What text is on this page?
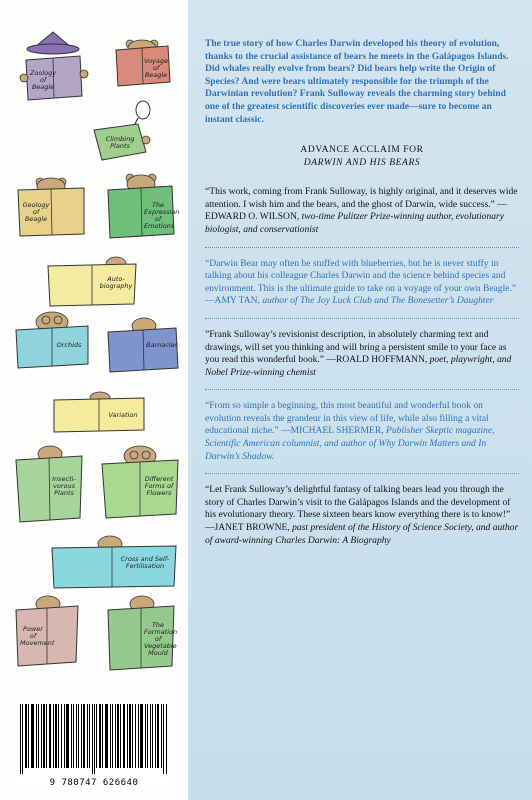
Zoology of Beagle
Voyage of Beagle
Climbing Plants
Geology of Beagle
The Expression of Emotions
Auto-biography
Orchids	Barnacles
Variation
Insecti-vorous Plants
Different Forms of Flowers
Cross and Self-Fertilisation
Power of Movement
The Formation of Vegetable Mould
9 780747 626640

The true story of how Charles Darwin developed his theory of evolution, thanks to the crucial assistance of bears he meets in the Galápagos Islands. Did whales really evolve from bears? Did bears help write the Origin of Species? And were bears ultimately responsible for the triumph of the Darwinian revolution? Frank Sulloway reveals the charming story behind one of the greatest scientific discoveries ever made—sure to become an instant classic.

ADVANCE ACCLAIM FOR
DARWIN AND HIS BEARS
“This work, coming from Frank Sulloway, is highly original, and it deserves wide attention. I wish him and the bears, and the ghost of Darwin, wide success.” —EDWARD O. WILSON, two-time Pulitzer Prize-winning author, evolutionary biologist, and conservationist
“Darwin Bear may often be stuffed with blueberries, but he is never stuffy in talking about his colleague Charles Darwin and the science behind species and environment. This is the ultimate guide to take on a voyage of your own Beagle.” —AMY TAN, author of The Joy Luck Club and The Bonesetter’s Daughter
”Frank Sulloway’s revisionist description, in absolutely charming text and drawings, will set you thinking and will bring a persistent smile to your face as you read this wonderful book.” —ROALD HOFFMANN, poet, playwright, and Nobel Prize-winning chemist
“From so simple a beginning, this most beautiful and wonderful book on evolution reveals the grandeur in this view of life, while also filling a vital educational niche.” —MICHAEL SHERMER, Publisher Skeptic magazine, Scientific American columnist, and author of Why Darwin Matters and In Darwin’s Shadow.
“Let Frank Sulloway’s delightful fantasy of talking bears lead you through the story of Charles Darwin’s visit to the Galápagos Islands and the development of his evolutionary theory. These sixteen bears know everything there is to know!” —JANET BROWNE, past president of the History of Science Society, and author of award-winning Charles Darwin: A Biography
